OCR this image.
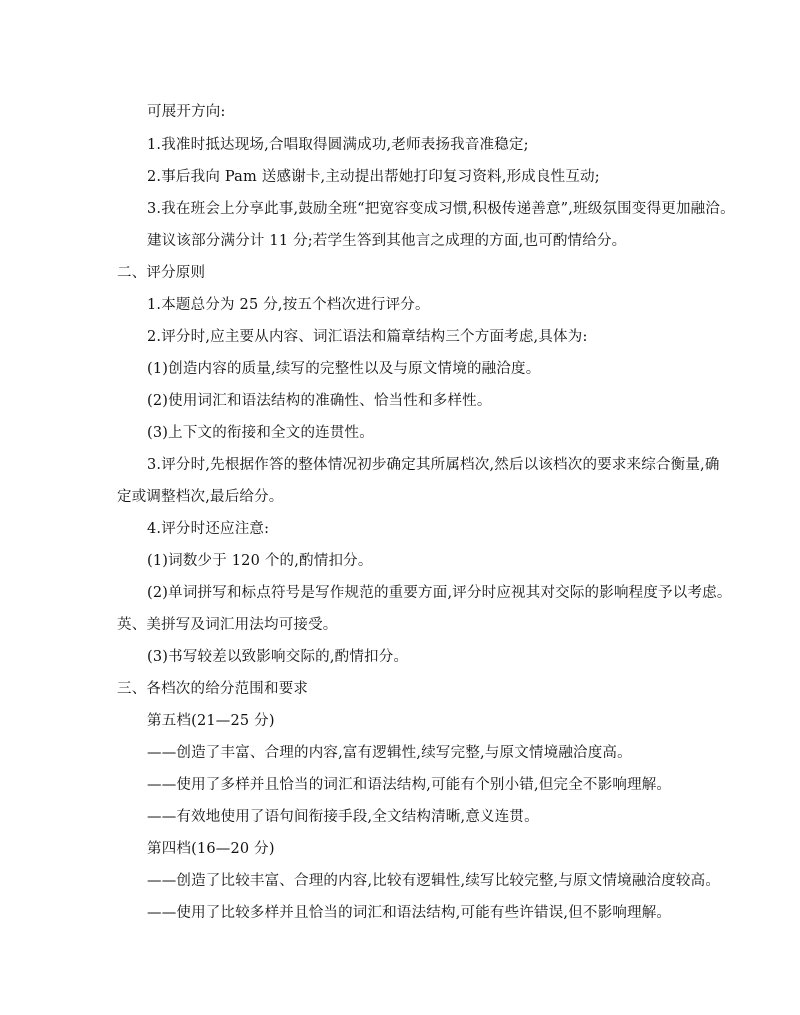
可展开方向:
1.我准时抵达现场,合唱取得圆满成功,老师表扬我音准稳定;
2.事后我向 Pam 送感谢卡,主动提出帮她打印复习资料,形成良性互动;
3.我在班会上分享此事,鼓励全班“把宽容变成习惯,积极传递善意”,班级氛围变得更加融洽。
建议该部分满分计 11 分;若学生答到其他言之成理的方面,也可酌情给分。
二、评分原则
1.本题总分为 25 分,按五个档次进行评分。
2.评分时,应主要从内容、词汇语法和篇章结构三个方面考虑,具体为:
(1)创造内容的质量,续写的完整性以及与原文情境的融洽度。
(2)使用词汇和语法结构的准确性、恰当性和多样性。
(3)上下文的衔接和全文的连贯性。
3.评分时,先根据作答的整体情况初步确定其所属档次,然后以该档次的要求来综合衡量,确
定或调整档次,最后给分。
4.评分时还应注意:
(1)词数少于 120 个的,酌情扣分。
(2)单词拼写和标点符号是写作规范的重要方面,评分时应视其对交际的影响程度予以考虑。
英、美拼写及词汇用法均可接受。
(3)书写较差以致影响交际的,酌情扣分。
三、各档次的给分范围和要求
第五档(21—25 分)
——创造了丰富、合理的内容,富有逻辑性,续写完整,与原文情境融洽度高。
——使用了多样并且恰当的词汇和语法结构,可能有个别小错,但完全不影响理解。
——有效地使用了语句间衔接手段,全文结构清晰,意义连贯。
第四档(16—20 分)
——创造了比较丰富、合理的内容,比较有逻辑性,续写比较完整,与原文情境融洽度较高。
——使用了比较多样并且恰当的词汇和语法结构,可能有些许错误,但不影响理解。
